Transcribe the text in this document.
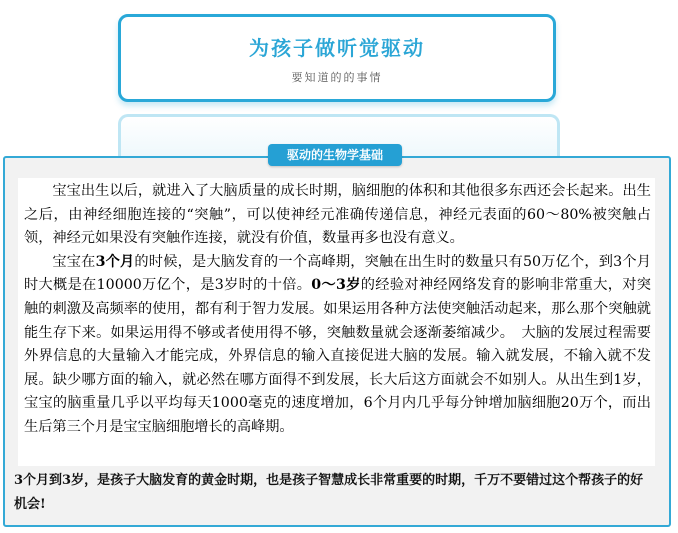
为孩子做听觉驱动
要知道的的事情
驱动的生物学基础

宝宝出生以后，就进入了大脑质量的成长时期，脑细胞的体积和其他很多东西还会长起来。出生之后，由神经细胞连接的“突触”，可以使神经元准确传递信息，神经元表面的60～80%被突触占领，神经元如果没有突触作连接，就没有价值，数量再多也没有意义。

宝宝在3个月的时候，是大脑发育的一个高峰期，突触在出生时的数量只有50万亿个，到3个月时大概是在10000万亿个，是3岁时的十倍。0～3岁的经验对神经网络发育的影响非常重大，对突触的刺激及高频率的使用，都有利于智力发展。如果运用各种方法使突触活动起来，那么那个突触就能生存下来。如果运用得不够或者使用得不够，突触数量就会逐渐萎缩减少。　大脑的发展过程需要外界信息的大量输入才能完成，外界信息的输入直接促进大脑的发展。输入就发展，不输入就不发展。缺少哪方面的输入，就必然在哪方面得不到发展，长大后这方面就会不如别人。从出生到1岁，宝宝的脑重量几乎以平均每天1000毫克的速度增加，6个月内几乎每分钟增加脑细胞20万个，而出生后第三个月是宝宝脑细胞增长的高峰期。

3个月到3岁，是孩子大脑发育的黄金时期，也是孩子智慧成长非常重要的时期，千万不要错过这个帮孩子的好机会!
